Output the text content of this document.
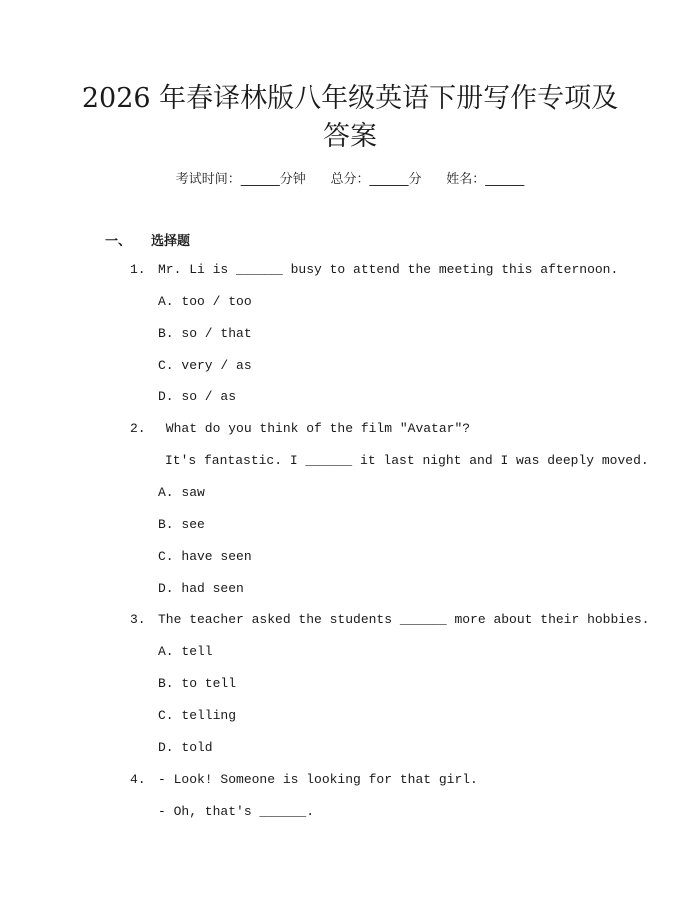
2026 年春译林版八年级英语下册写作专项及
答案
考试时间：______分钟      总分：______分      姓名：______
一、 选择题
1. Mr. Li is ______ busy to attend the meeting this afternoon.
A. too / too
B. so / that
C. very / as
D. so / as
2. What do you think of the film "Avatar"?
It's fantastic. I ______ it last night and I was deeply moved.
A. saw
B. see
C. have seen
D. had seen
3. The teacher asked the students ______ more about their hobbies.
A. tell
B. to tell
C. telling
D. told
4. - Look! Someone is looking for that girl.
- Oh, that's ______.
